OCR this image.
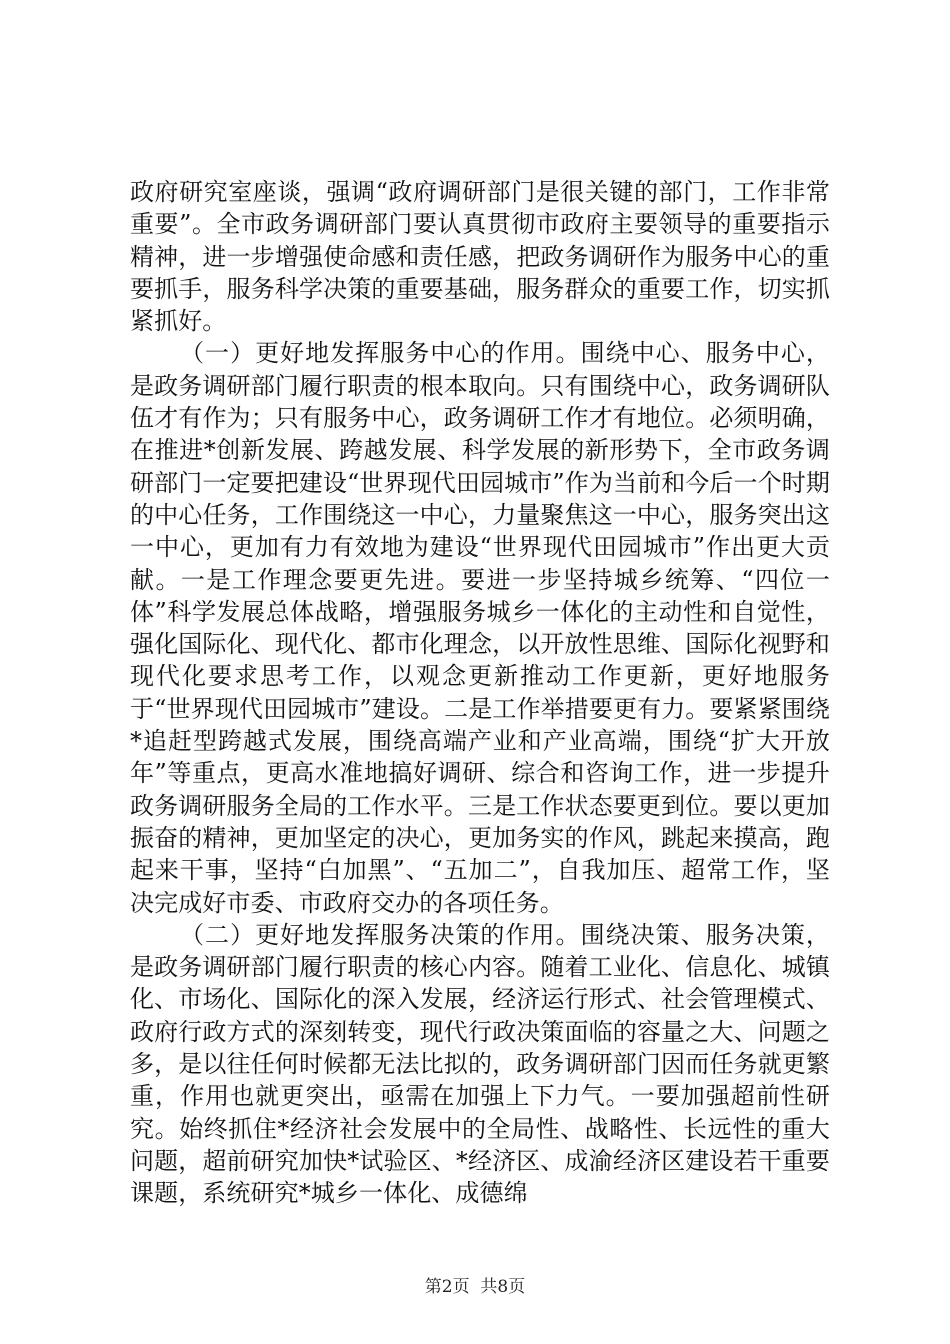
政府研究室座谈，强调“政府调研部门是很关键的部门，工作非常重要”。全市政务调研部门要认真贯彻市政府主要领导的重要指示精神，进一步增强使命感和责任感，把政务调研作为服务中心的重要抓手，服务科学决策的重要基础，服务群众的重要工作，切实抓紧抓好。

（一）更好地发挥服务中心的作用。围绕中心、服务中心，是政务调研部门履行职责的根本取向。只有围绕中心，政务调研队伍才有作为；只有服务中心，政务调研工作才有地位。必须明确，在推进*创新发展、跨越发展、科学发展的新形势下，全市政务调研部门一定要把建设“世界现代田园城市”作为当前和今后一个时期的中心任务，工作围绕这一中心，力量聚焦这一中心，服务突出这一中心，更加有力有效地为建设“世界现代田园城市”作出更大贡献。一是工作理念要更先进。要进一步坚持城乡统筹、“四位一体”科学发展总体战略，增强服务城乡一体化的主动性和自觉性，强化国际化、现代化、都市化理念，以开放性思维、国际化视野和现代化要求思考工作，以观念更新推动工作更新，更好地服务于“世界现代田园城市”建设。二是工作举措要更有力。要紧紧围绕*追赶型跨越式发展，围绕高端产业和产业高端，围绕“扩大开放年”等重点，更高水准地搞好调研、综合和咨询工作，进一步提升政务调研服务全局的工作水平。三是工作状态要更到位。要以更加振奋的精神，更加坚定的决心，更加务实的作风，跳起来摸高，跑起来干事，坚持“白加黑”、“五加二”，自我加压、超常工作，坚决完成好市委、市政府交办的各项任务。

（二）更好地发挥服务决策的作用。围绕决策、服务决策，是政务调研部门履行职责的核心内容。随着工业化、信息化、城镇化、市场化、国际化的深入发展，经济运行形式、社会管理模式、政府行政方式的深刻转变，现代行政决策面临的容量之大、问题之多，是以往任何时候都无法比拟的，政务调研部门因而任务就更繁重，作用也就更突出，亟需在加强上下力气。一要加强超前性研究。始终抓住*经济社会发展中的全局性、战略性、长远性的重大问题，超前研究加快*试验区、*经济区、成渝经济区建设若干重要课题，系统研究*城乡一体化、成德绵

第2页  共8页
